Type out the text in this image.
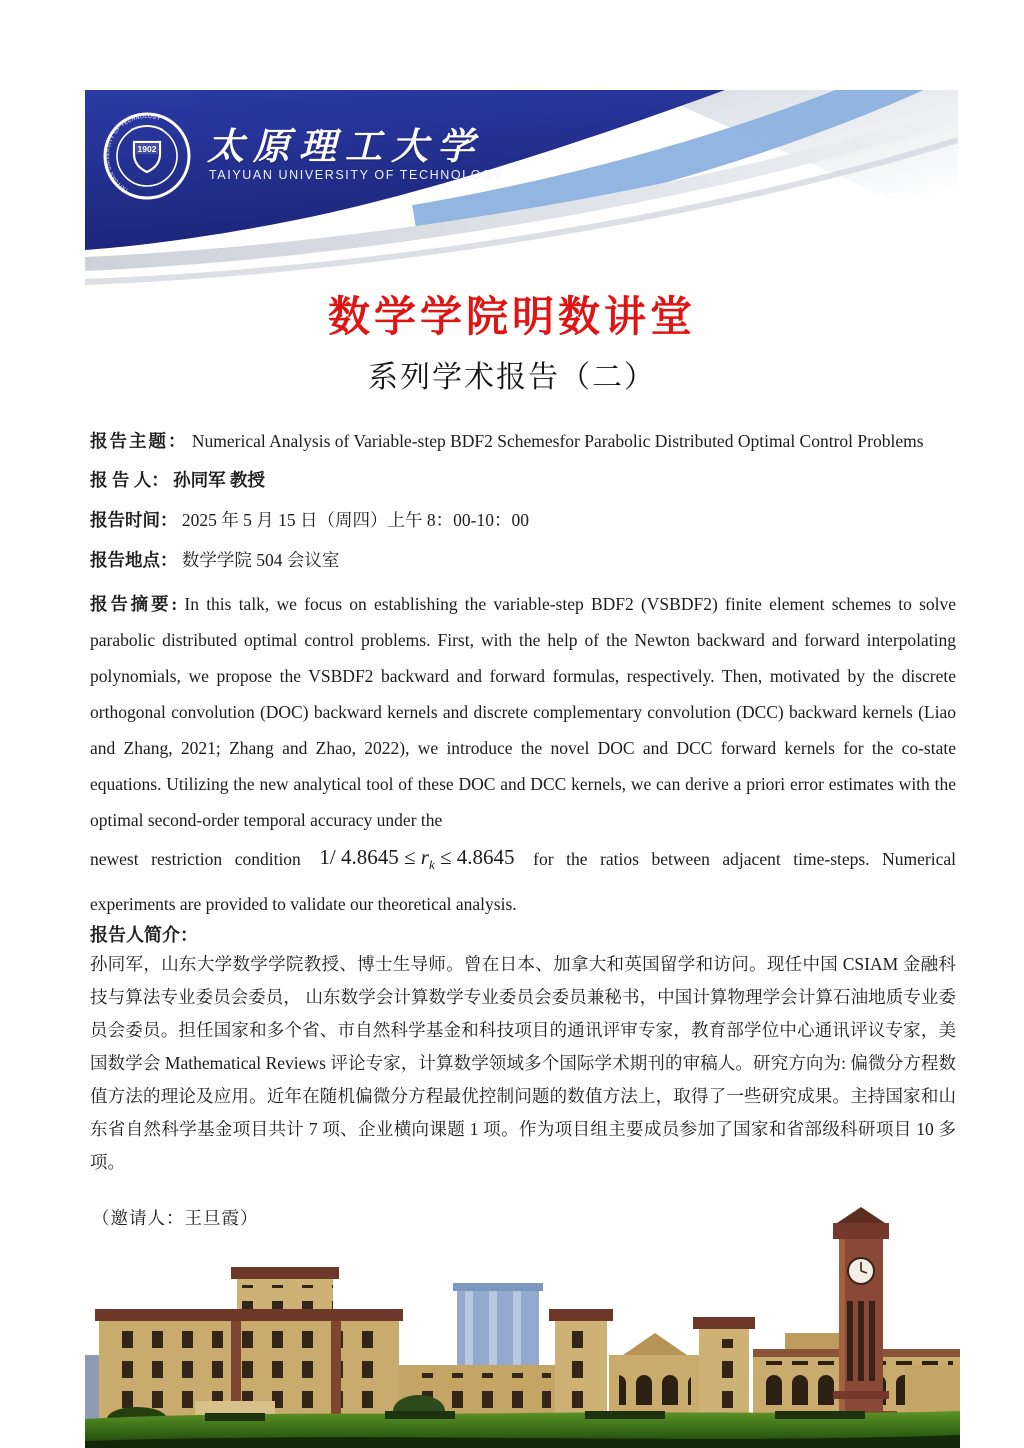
1902
TAIYUAN UNIVERSITY OF TECHNOLOGY
太原理工大学
TAIYUAN UNIVERSITY OF TECHNOLOGY
数学学院明数讲堂
系列学术报告（二）
报告主题： Numerical Analysis of Variable-step BDF2 Schemesfor Parabolic Distributed Optimal Control Problems
报 告 人： 孙同军 教授
报告时间： 2025 年 5 月 15 日（周四）上午 8：00-10：00
报告地点： 数学学院 504 会议室

报告摘要: In this talk, we focus on establishing the variable-step BDF2 (VSBDF2) finite element schemes to solve parabolic distributed optimal control problems. First, with the help of the Newton backward and forward interpolating polynomials, we propose the VSBDF2 backward and forward formulas, respectively. Then, motivated by the discrete orthogonal convolution (DOC) backward kernels and discrete complementary convolution (DCC) backward kernels (Liao and Zhang, 2021; Zhang and Zhao, 2022), we introduce the novel DOC and DCC forward kernels for the co-state equations. Utilizing the new analytical tool of these DOC and DCC kernels, we can derive a priori error estimates with the optimal second-order temporal accuracy under the

newest restriction condition 1/ $4.8645 \le r_k \le 4.8645$ for the ratios between adjacent time-steps. Numerical

experiments are provided to validate our theoretical analysis.

报告人简介：

孙同军，山东大学数学学院教授、博士生导师。曾在日本、加拿大和英国留学和访问。现任中国 CSIAM 金融科技与算法专业委员会委员， 山东数学会计算数学专业委员会委员兼秘书，中国计算物理学会计算石油地质专业委员会委员。担任国家和多个省、市自然科学基金和科技项目的通讯评审专家，教育部学位中心通讯评议专家，美国数学会 Mathematical Reviews 评论专家，计算数学领域多个国际学术期刊的审稿人。研究方向为: 偏微分方程数值方法的理论及应用。近年在随机偏微分方程最优控制问题的数值方法上，取得了一些研究成果。主持国家和山东省自然科学基金项目共计 7 项、企业横向课题 1 项。作为项目组主要成员参加了国家和省部级科研项目 10 多项。

（邀请人：王旦霞）
